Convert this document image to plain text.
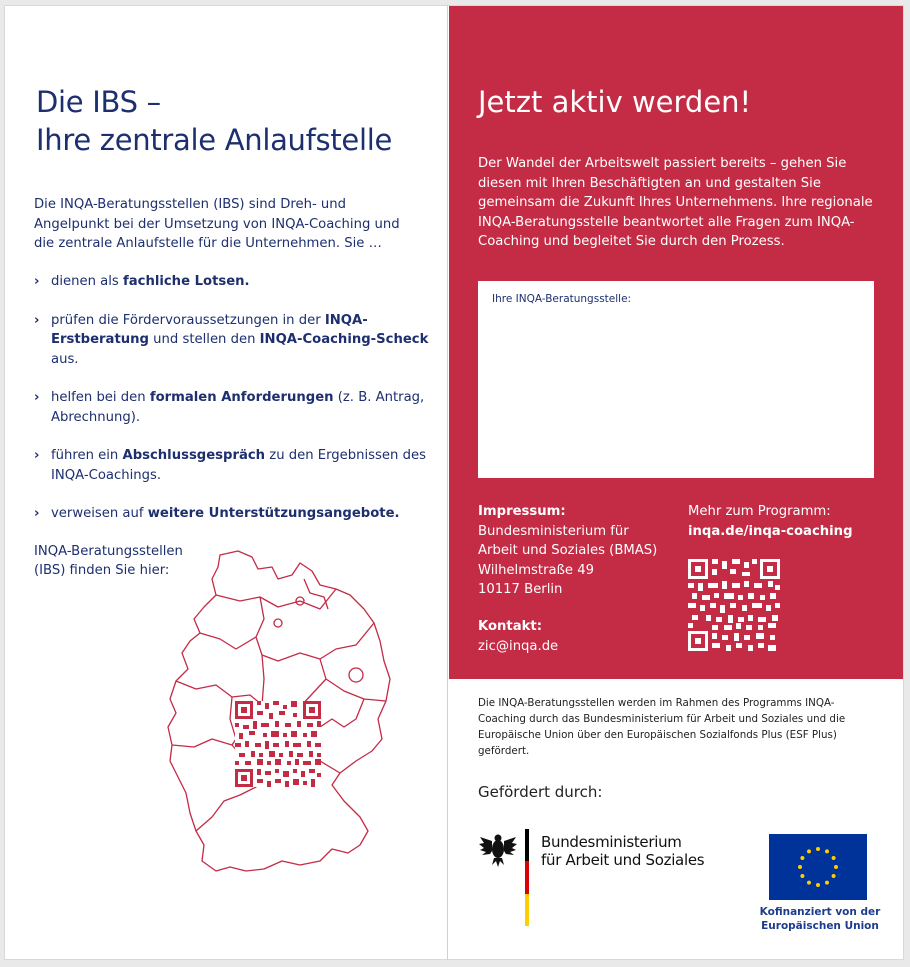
Die IBS –
Ihre zentrale Anlaufstelle

Die INQA-Beratungsstellen (IBS) sind Dreh- und Angelpunkt bei der Umsetzung von INQA-Coaching und die zentrale Anlaufstelle für die Unternehmen. Sie …

› dienen als fachliche Lotsen.
› prüfen die Fördervoraussetzungen in der INQA-Erstberatung und stellen den INQA-Coaching-Scheck aus.
› helfen bei den formalen Anforderungen (z. B. Antrag, Abrechnung).
› führen ein Abschlussgespräch zu den Ergebnissen des INQA-Coachings.
› verweisen auf weitere Unterstützungsangebote.
INQA-Beratungsstellen (IBS) finden Sie hier:
Jetzt aktiv werden!

Der Wandel der Arbeitswelt passiert bereits – gehen Sie diesen mit Ihren Beschäftigten an und gestalten Sie gemeinsam die Zukunft Ihres Unternehmens. Ihre regionale INQA-Beratungsstelle beantwortet alle Fragen zum INQA-Coaching und begleitet Sie durch den Prozess.

Ihre INQA-Beratungsstelle:
Impressum:
Bundesministerium für
Arbeit und Soziales (BMAS)
Wilhelmstraße 49
10117 Berlin
Kontakt:
zic@inqa.de
Mehr zum Programm:
inqa.de/inqa-coaching

Die INQA-Beratungsstellen werden im Rahmen des Programms INQA-Coaching durch das Bundesministerium für Arbeit und Soziales und die Europäische Union über den Europäischen Sozialfonds Plus (ESF Plus) gefördert.

Gefördert durch:
Bundesministerium
für Arbeit und Soziales
Kofinanziert von der
Europäischen Union
